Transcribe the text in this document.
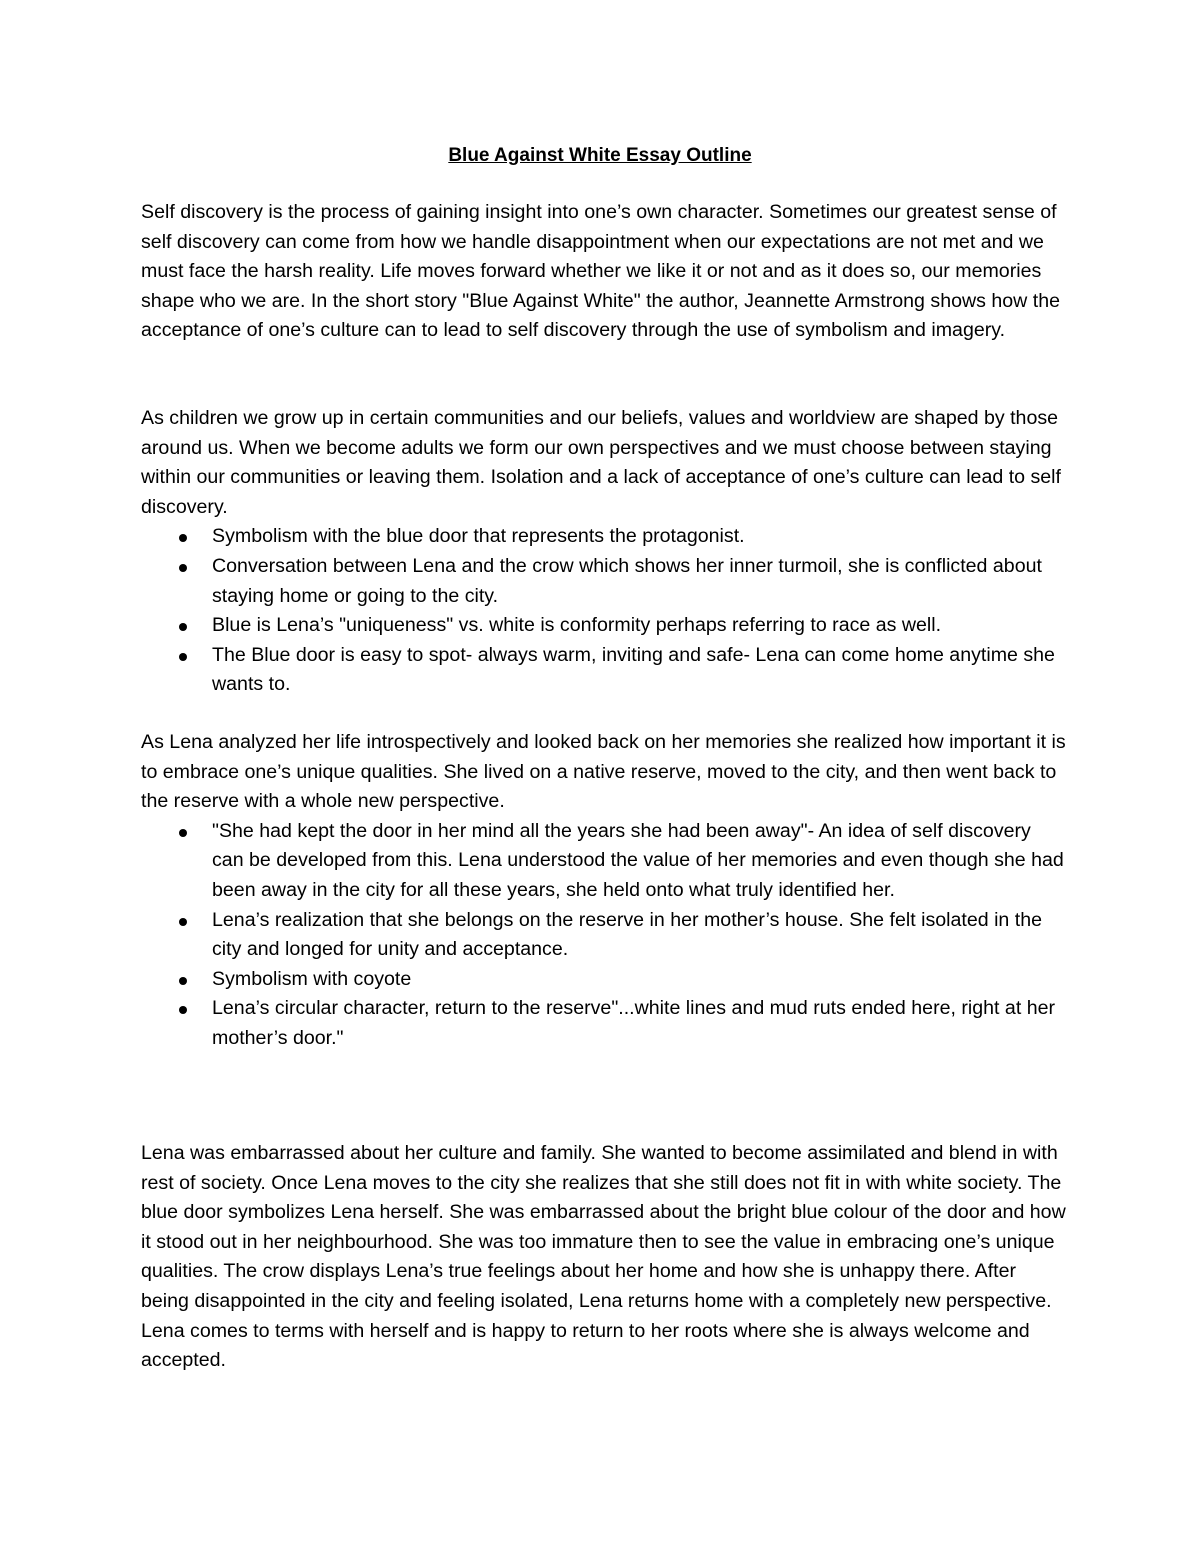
Blue Against White Essay Outline

Self discovery is the process of gaining insight into one’s own character. Sometimes our greatest sense of self discovery can come from how we handle disappointment when our expectations are not met and we must face the harsh reality. Life moves forward whether we like it or not and as it does so, our memories shape who we are. In the short story "Blue Against White" the author, Jeannette Armstrong shows how the acceptance of one’s culture can to lead to self discovery through the use of symbolism and imagery.

As children we grow up in certain communities and our beliefs, values and worldview are shaped by those around us. When we become adults we form our own perspectives and we must choose between staying within our communities or leaving them. Isolation and a lack of acceptance of one’s culture can lead to self discovery.

Symbolism with the blue door that represents the protagonist.
Conversation between Lena and the crow which shows her inner turmoil, she is conflicted about staying home or going to the city.
Blue is Lena’s "uniqueness" vs. white is conformity perhaps referring to race as well.
The Blue door is easy to spot- always warm, inviting and safe- Lena can come home anytime she wants to.

As Lena analyzed her life introspectively and looked back on her memories she realized how important it is to embrace one’s unique qualities. She lived on a native reserve, moved to the city, and then went back to the reserve with a whole new perspective.

"She had kept the door in her mind all the years she had been away"- An idea of self discovery can be developed from this. Lena understood the value of her memories and even though she had been away in the city for all these years, she held onto what truly identified her.
Lena’s realization that she belongs on the reserve in her mother’s house. She felt isolated in the city and longed for unity and acceptance.
Symbolism with coyote
Lena’s circular character, return to the reserve"...white lines and mud ruts ended here, right at her mother’s door."

Lena was embarrassed about her culture and family. She wanted to become assimilated and blend in with rest of society. Once Lena moves to the city she realizes that she still does not fit in with white society. The blue door symbolizes Lena herself. She was embarrassed about the bright blue colour of the door and how it stood out in her neighbourhood. She was too immature then to see the value in embracing one’s unique qualities. The crow displays Lena’s true feelings about her home and how she is unhappy there. After being disappointed in the city and feeling isolated, Lena returns home with a completely new perspective. Lena comes to terms with herself and is happy to return to her roots where she is always welcome and accepted.
